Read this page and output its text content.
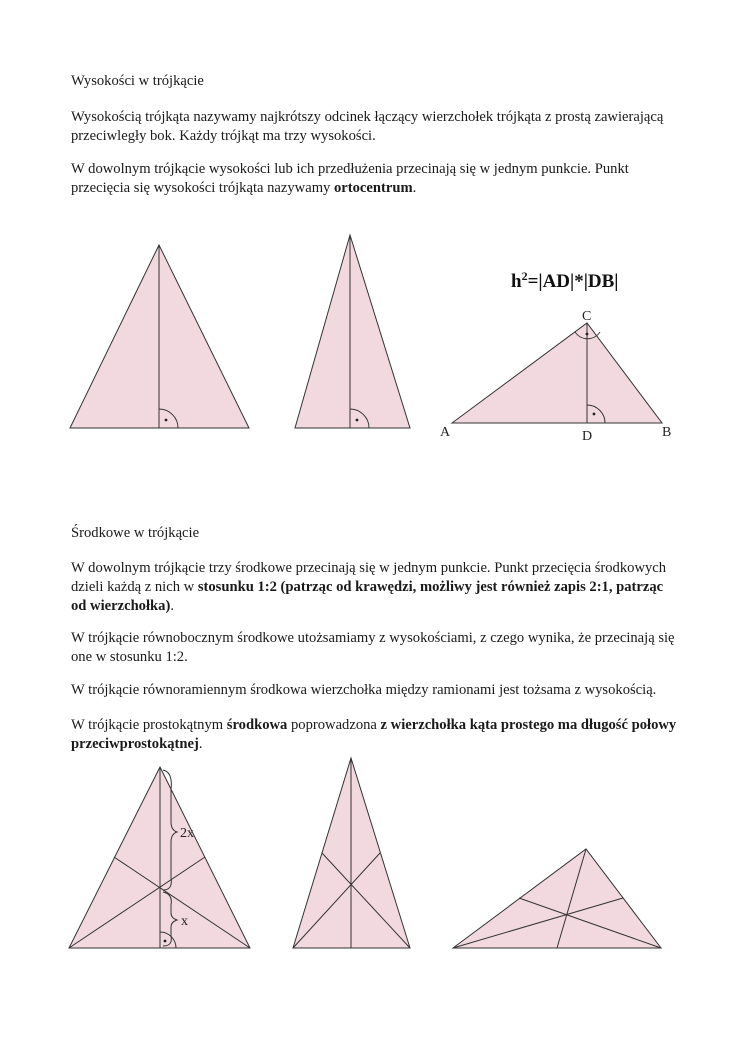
Wysokości w trójkącie

Wysokością trójkąta nazywamy najkrótszy odcinek łączący wierzchołek trójkąta z prostą zawierającą przeciwległy bok. Każdy trójkąt ma trzy wysokości.

W dowolnym trójkącie wysokości lub ich przedłużenia przecinają się w jednym punkcie. Punkt przecięcia się wysokości trójkąta nazywamy ortocentrum.

$h^2=|AD|*|DB|$
A	B
C
D

Środkowe w trójkącie

W dowolnym trójkącie trzy środkowe przecinają się w jednym punkcie. Punkt przecięcia środkowych dzieli każdą z nich w stosunku 1:2 (patrząc od krawędzi, możliwy jest również zapis 2:1, patrząc od wierzchołka).

W trójkącie równobocznym środkowe utożsamiamy z wysokościami, z czego wynika, że przecinają się one w stosunku 1:2.

W trójkącie równoramiennym środkowa wierzchołka między ramionami jest tożsama z wysokością.

W trójkącie prostokątnym środkowa poprowadzona z wierzchołka kąta prostego ma długość połowy przeciwprostokątnej.

2x
x
